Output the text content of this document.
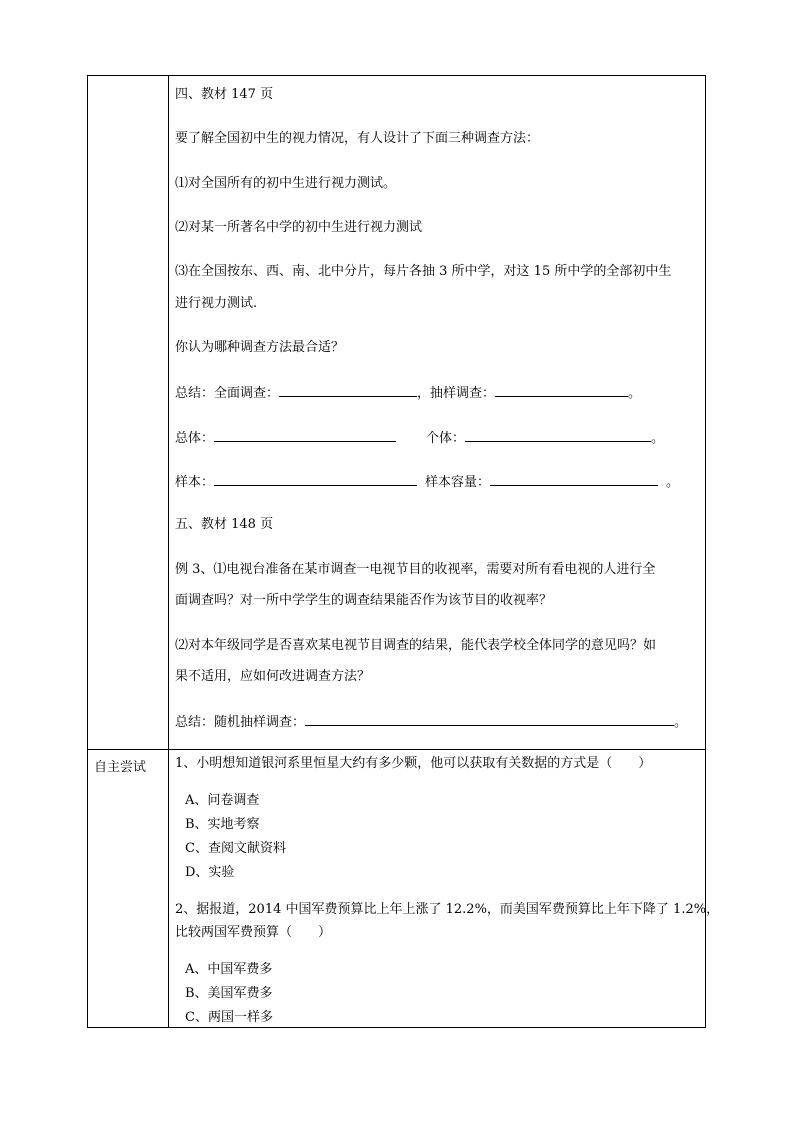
四、教材 147 页
要了解全国初中生的视力情况，有人设计了下面三种调查方法：
⑴对全国所有的初中生进行视力测试。
⑵对某一所著名中学的初中生进行视力测试
⑶在全国按东、西、南、北中分片，每片各抽 3 所中学，对这 15 所中学的全部初中生
进行视力测试.
你认为哪种调查方法最合适？
总结：全面调查：	，抽样调查：	。
总体：	个体：	。
样本：	样本容量：	。
五、教材 148 页
例 3、⑴电视台准备在某市调查一电视节目的收视率，需要对所有看电视的人进行全
面调查吗？对一所中学学生的调查结果能否作为该节目的收视率？
⑵对本年级同学是否喜欢某电视节目调查的结果，能代表学校全体同学的意见吗？如
果不适用，应如何改进调查方法？
总结：随机抽样调查：	。
自主尝试 1、小明想知道银河系里恒星大约有多少颗，他可以获取有关数据的方式是（　　）
A、问卷调查
B、实地考察
C、查阅文献资料
D、实验
2、据报道，2014 中国军费预算比上年上涨了 12.2%，而美国军费预算比上年下降了 1.2%，
比较两国军费预算（　　）
A、中国军费多
B、美国军费多
C、两国一样多
